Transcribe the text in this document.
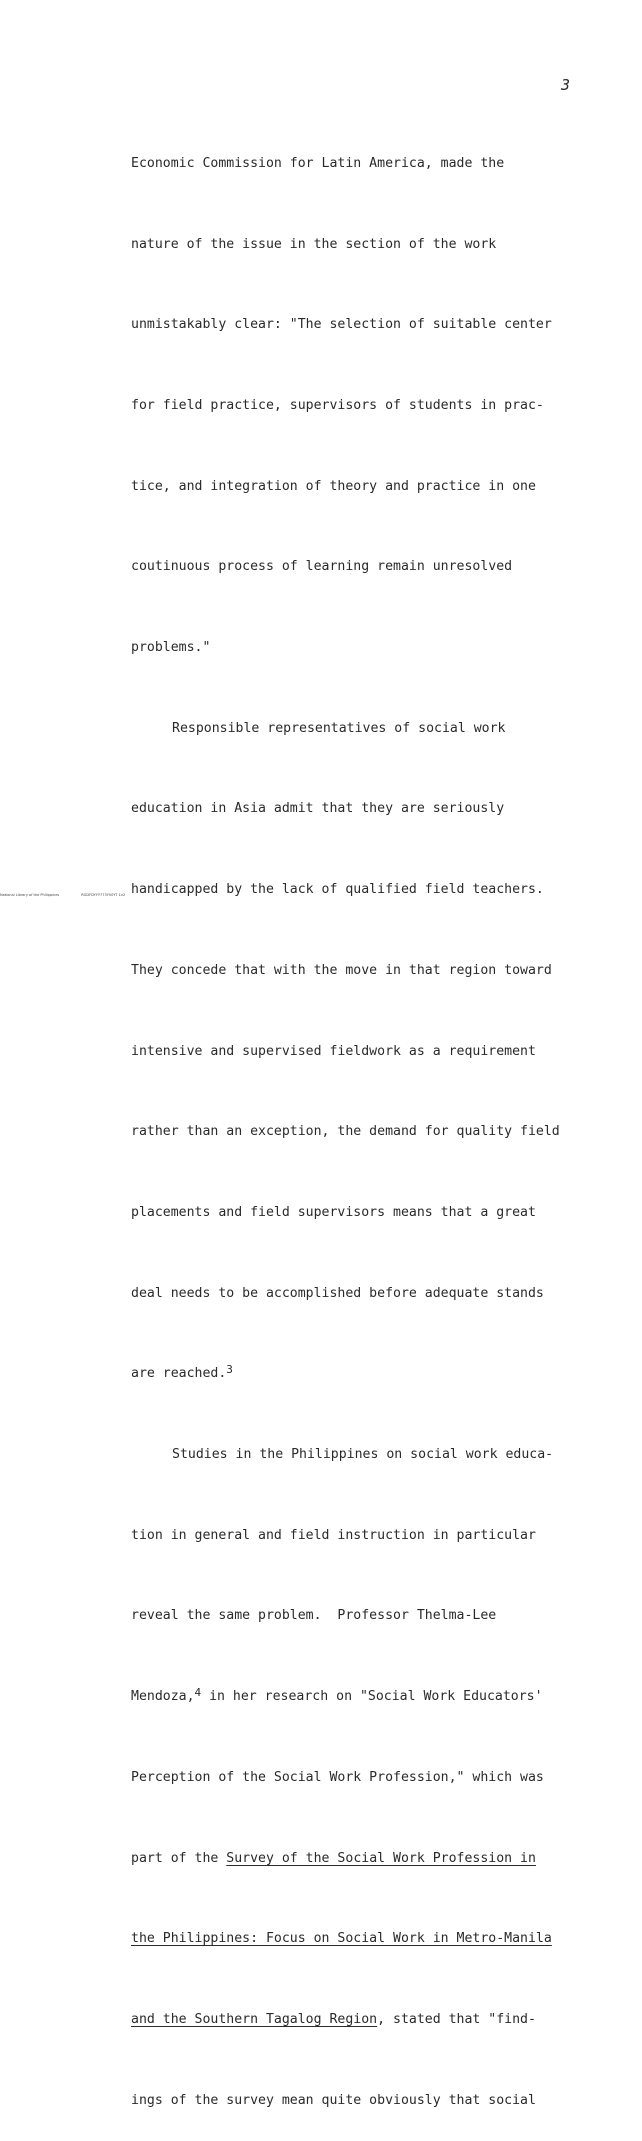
3

Economic Commission for Latin America, made the

nature of the issue in the section of the work

unmistakably clear: "The selection of suitable center

for field practice, supervisors of students in prac-

tice, and integration of theory and practice in one

coutinuous process of learning remain unresolved

problems."

Responsible representatives of social work

education in Asia admit that they are seriously

handicapped by the lack of qualified field teachers.

They concede that with the move in that region toward

intensive and supervised fieldwork as a requirement

rather than an exception, the demand for quality field

placements and field supervisors means that a great

deal needs to be accomplished before adequate stands

are reached.$^3$

Studies in the Philippines on social work educa-

tion in general and field instruction in particular

reveal the same problem.  Professor Thelma-Lee

Mendoza,$^4$ in her research on "Social Work Educators'

Perception of the Social Work Profession," which was

part of the Survey of the Social Work Profession in

the Philippines: Focus on Social Work in Metro-Manila

and the Southern Tagalog Region, stated that "find-

ings of the survey mean quite obviously that social

National Library of the Philippines	RGDFDYYY773Y00YT 1v2
